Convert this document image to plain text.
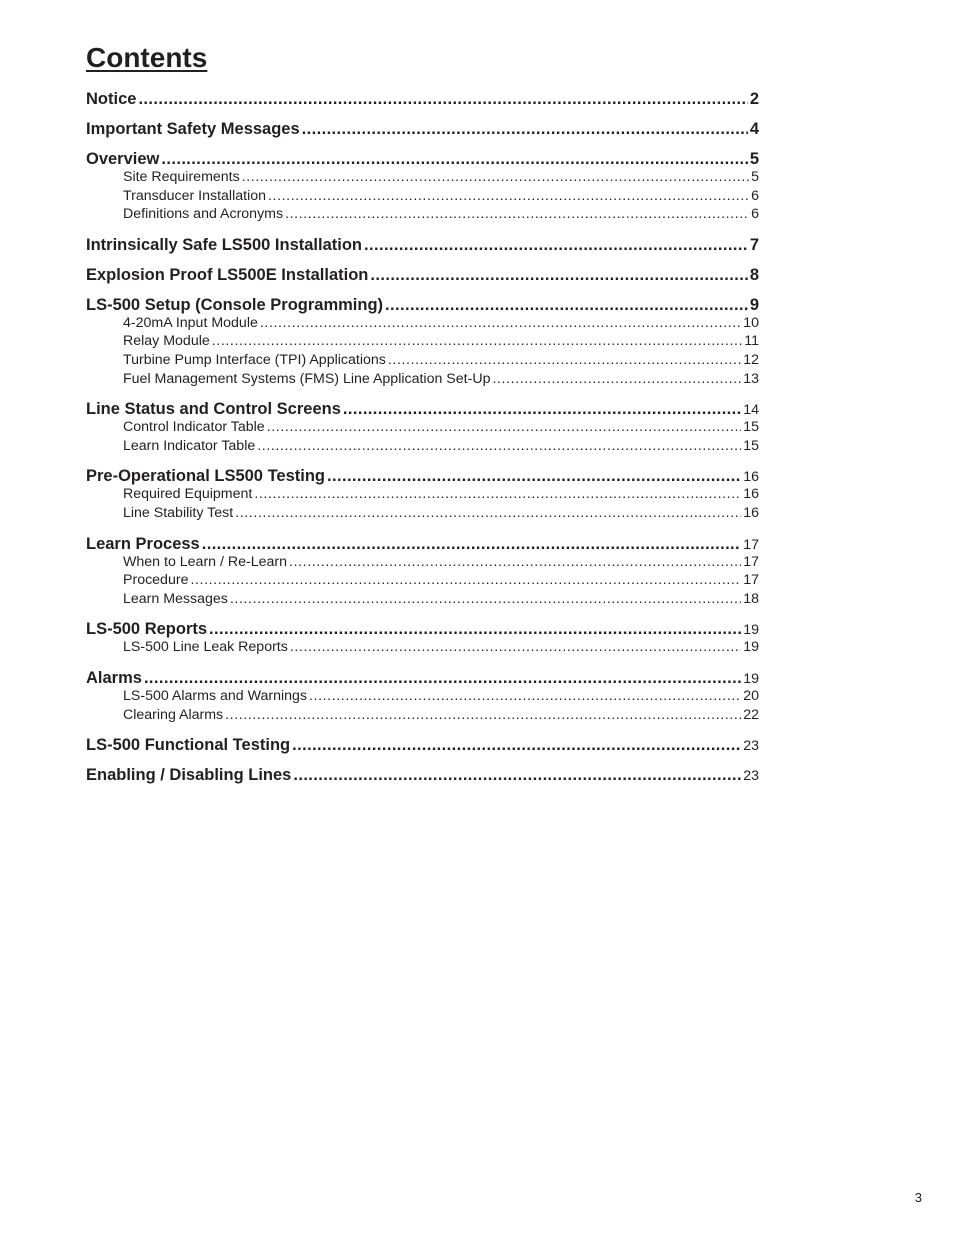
Contents
Notice .....	2
Important Safety Messages .....	4
Overview .....	5
Site Requirements .....	5
Transducer Installation .....	6
Definitions and Acronyms .....	6
Intrinsically Safe LS500 Installation .....	7
Explosion Proof LS500E Installation .....	8
LS-500 Setup (Console Programming) .....	9
4-20mA Input Module .....	10
Relay Module .....	11
Turbine Pump Interface (TPI) Applications .....	12
Fuel Management Systems (FMS) Line Application Set-Up .....	13
Line Status and Control Screens .....	14
Control Indicator Table .....	15
Learn Indicator Table .....	15
Pre-Operational LS500 Testing .....	16
Required Equipment .....	16
Line Stability Test .....	16
Learn Process .....	17
When to Learn / Re-Learn .....	17
Procedure .....	17
Learn Messages .....	18
LS-500 Reports .....	19
LS-500 Line Leak Reports .....	19
Alarms .....	19
LS-500 Alarms and Warnings .....	20
Clearing Alarms .....	22
LS-500 Functional Testing .....	23
Enabling / Disabling Lines .....	23
3
